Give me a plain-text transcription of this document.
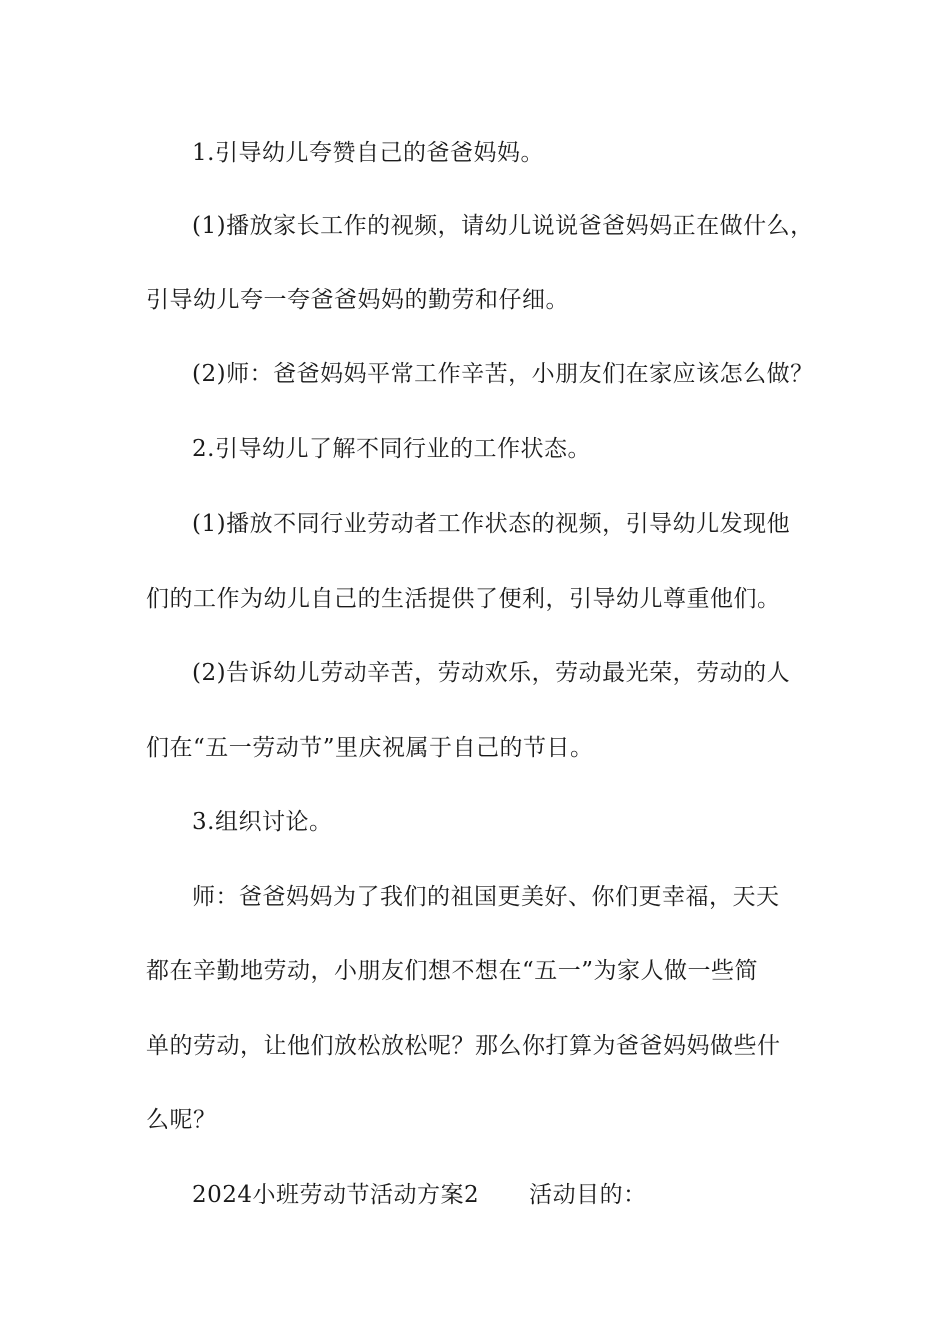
1.引导幼儿夸赞自己的爸爸妈妈。
(1)播放家长工作的视频，请幼儿说说爸爸妈妈正在做什么，
引导幼儿夸一夸爸爸妈妈的勤劳和仔细。
(2)师：爸爸妈妈平常工作辛苦，小朋友们在家应该怎么做？
2.引导幼儿了解不同行业的工作状态。
(1)播放不同行业劳动者工作状态的视频，引导幼儿发现他
们的工作为幼儿自己的生活提供了便利，引导幼儿尊重他们。
(2)告诉幼儿劳动辛苦，劳动欢乐，劳动最光荣，劳动的人
们在“五一劳动节”里庆祝属于自己的节日。
3.组织讨论。
师：爸爸妈妈为了我们的祖国更美好、你们更幸福，天天
都在辛勤地劳动，小朋友们想不想在“五一”为家人做一些简
单的劳动，让他们放松放松呢？那么你打算为爸爸妈妈做些什
么呢？
2024小班劳动节活动方案2 活动目的：
